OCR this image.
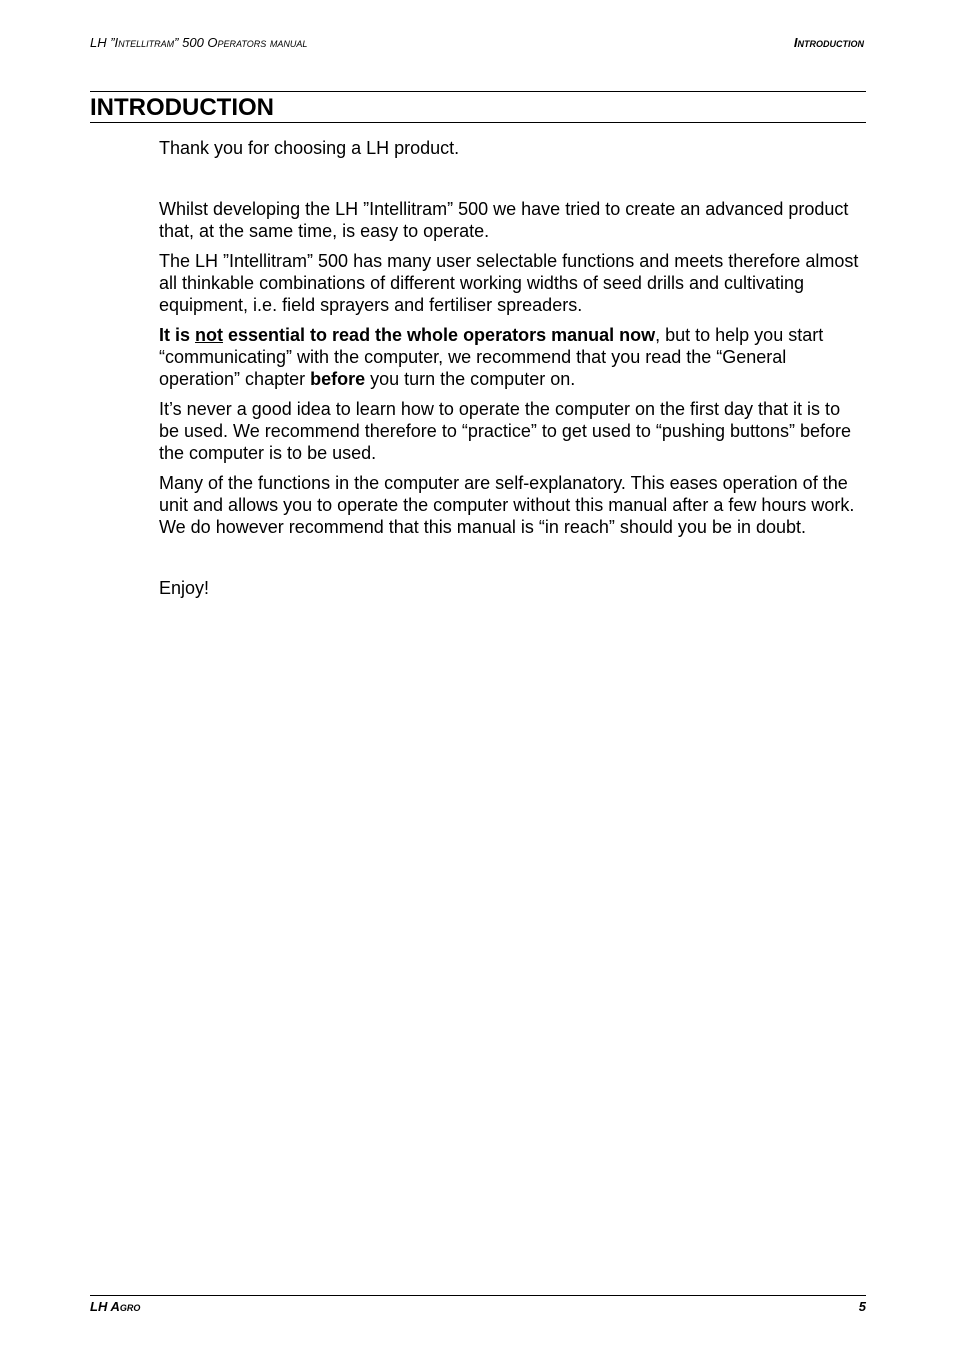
LH ”Intellitram” 500 Operators manual	Introduction
INTRODUCTION

Thank you for choosing a LH product.

Whilst developing the LH ”Intellitram” 500 we have tried to create an advanced product that, at the same time, is easy to operate.

The LH ”Intellitram” 500 has many user selectable functions and meets therefore almost all thinkable combinations of different working widths of seed drills and cultivating equipment, i.e. field sprayers and fertiliser spreaders.

It is not essential to read the whole operators manual now, but to help you start “communicating” with the computer, we recommend that you read the “General operation” chapter before you turn the computer on.

It’s never a good idea to learn how to operate the computer on the first day that it is to be used. We recommend therefore to “practice” to get used to “pushing buttons” before the computer is to be used.

Many of the functions in the computer are self-explanatory. This eases operation of the unit and allows you to operate the computer without this manual after a few hours work. We do however recommend that this manual is “in reach” should you be in doubt.

Enjoy!

LH Agro	5
